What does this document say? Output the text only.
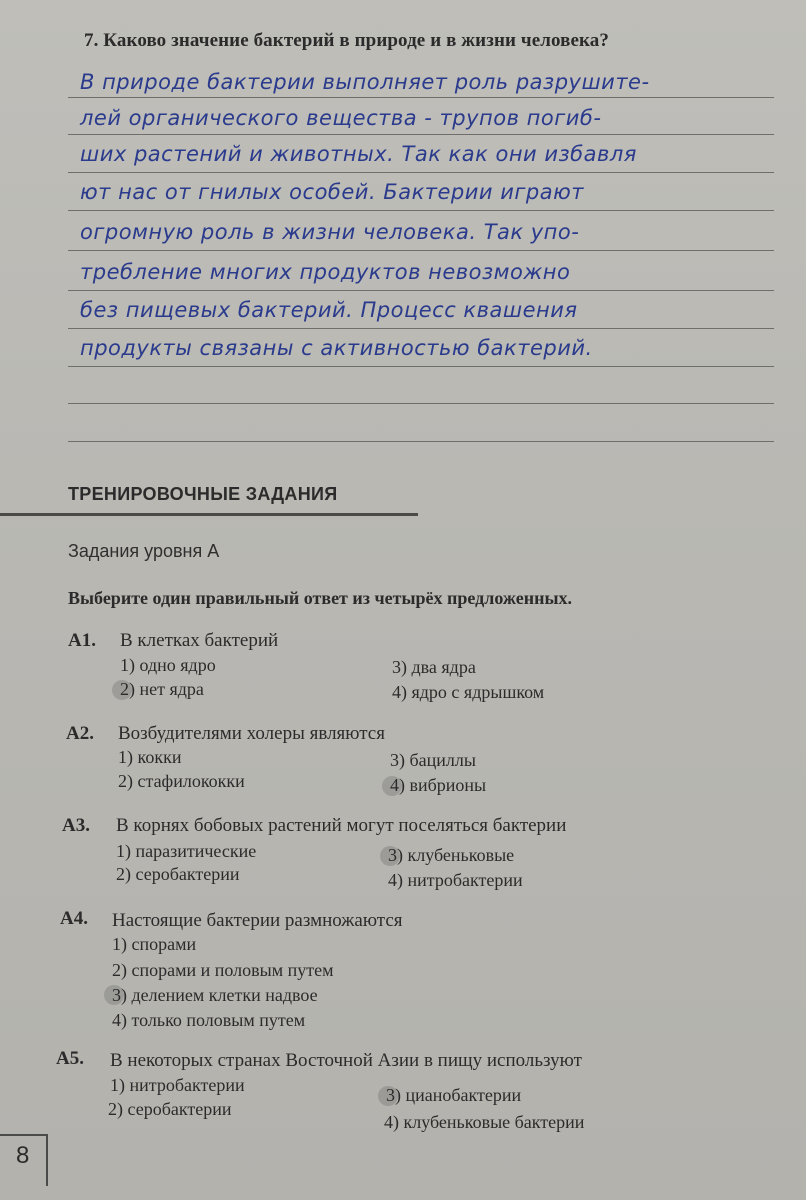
7. Каково значение бактерий в природе и в жизни человека?
В природе бактерии выполняет роль разрушите-
лей органического вещества - трупов погиб-
ших растений и животных. Так как они избавля
ют нас от гнилых особей. Бактерии играют
огромную роль в жизни человека. Так упо-
требление многих продуктов невозможно
без пищевых бактерий. Процесс квашения
продукты связаны с активностью бактерий.
ТРЕНИРОВОЧНЫЕ ЗАДАНИЯ
Задания уровня А
Выберите один правильный ответ из четырёх предложенных.
А1. В клетках бактерий
1) одно ядро
2) нет ядра
3) два ядра
4) ядро с ядрышком
А2. Возбудителями холеры являются
1) кокки
2) стафилококки
3) бациллы
4) вибрионы
А3. В корнях бобовых растений могут поселяться бактерии
1) паразитические
2) серобактерии
3) клубеньковые
4) нитробактерии
А4. Настоящие бактерии размножаются
1) спорами
2) спорами и половым путем
3) делением клетки надвое
4) только половым путем
А5. В некоторых странах Восточной Азии в пищу используют
1) нитробактерии
2) серобактерии
3) цианобактерии
4) клубеньковые бактерии
8
